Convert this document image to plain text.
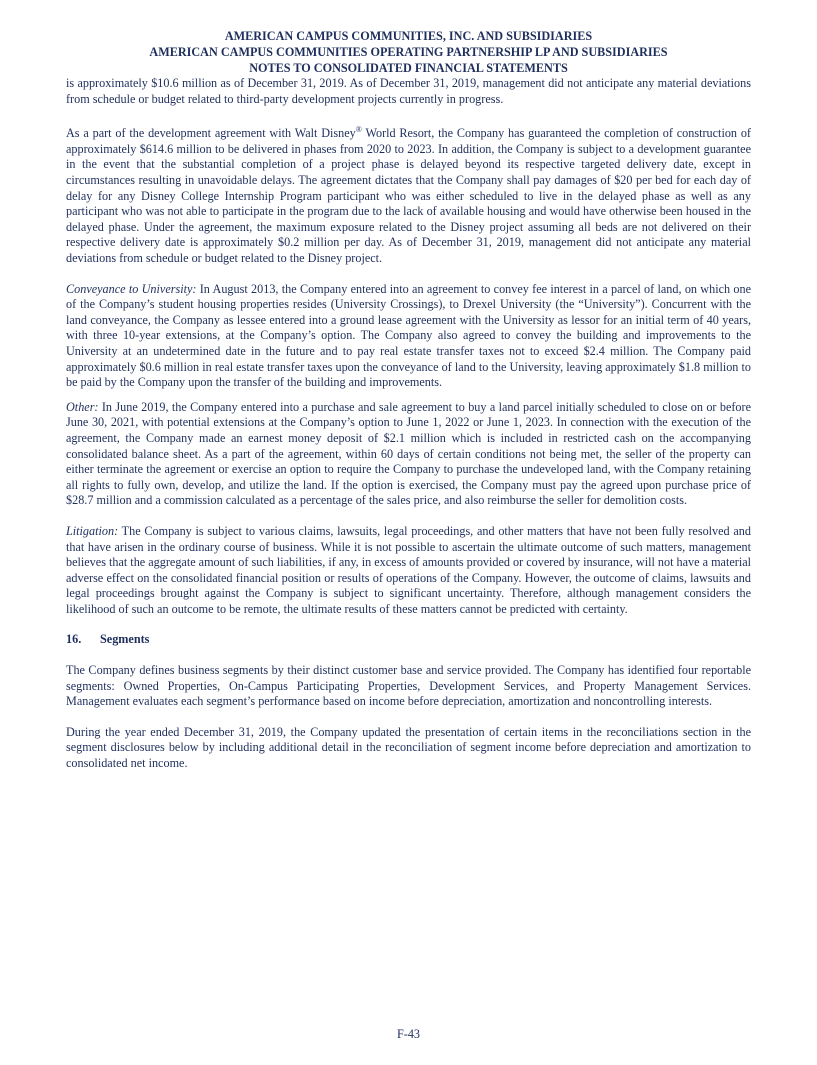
AMERICAN CAMPUS COMMUNITIES, INC. AND SUBSIDIARIES
AMERICAN CAMPUS COMMUNITIES OPERATING PARTNERSHIP LP AND SUBSIDIARIES
NOTES TO CONSOLIDATED FINANCIAL STATEMENTS

is approximately $10.6 million as of December 31, 2019. As of December 31, 2019, management did not anticipate any material deviations from schedule or budget related to third-party development projects currently in progress.

As a part of the development agreement with Walt Disney® World Resort, the Company has guaranteed the completion of construction of approximately $614.6 million to be delivered in phases from 2020 to 2023. In addition, the Company is subject to a development guarantee in the event that the substantial completion of a project phase is delayed beyond its respective targeted delivery date, except in circumstances resulting in unavoidable delays. The agreement dictates that the Company shall pay damages of $20 per bed for each day of delay for any Disney College Internship Program participant who was either scheduled to live in the delayed phase as well as any participant who was not able to participate in the program due to the lack of available housing and would have otherwise been housed in the delayed phase. Under the agreement, the maximum exposure related to the Disney project assuming all beds are not delivered on their respective delivery date is approximately $0.2 million per day. As of December 31, 2019, management did not anticipate any material deviations from schedule or budget related to the Disney project.

Conveyance to University: In August 2013, the Company entered into an agreement to convey fee interest in a parcel of land, on which one of the Company’s student housing properties resides (University Crossings), to Drexel University (the “University”). Concurrent with the land conveyance, the Company as lessee entered into a ground lease agreement with the University as lessor for an initial term of 40 years, with three 10-year extensions, at the Company’s option. The Company also agreed to convey the building and improvements to the University at an undetermined date in the future and to pay real estate transfer taxes not to exceed $2.4 million. The Company paid approximately $0.6 million in real estate transfer taxes upon the conveyance of land to the University, leaving approximately $1.8 million to be paid by the Company upon the transfer of the building and improvements.

Other: In June 2019, the Company entered into a purchase and sale agreement to buy a land parcel initially scheduled to close on or before June 30, 2021, with potential extensions at the Company’s option to June 1, 2022 or June 1, 2023. In connection with the execution of the agreement, the Company made an earnest money deposit of $2.1 million which is included in restricted cash on the accompanying consolidated balance sheet. As a part of the agreement, within 60 days of certain conditions not being met, the seller of the property can either terminate the agreement or exercise an option to require the Company to purchase the undeveloped land, with the Company retaining all rights to fully own, develop, and utilize the land. If the option is exercised, the Company must pay the agreed upon purchase price of $28.7 million and a commission calculated as a percentage of the sales price, and also reimburse the seller for demolition costs.

Litigation: The Company is subject to various claims, lawsuits, legal proceedings, and other matters that have not been fully resolved and that have arisen in the ordinary course of business. While it is not possible to ascertain the ultimate outcome of such matters, management believes that the aggregate amount of such liabilities, if any, in excess of amounts provided or covered by insurance, will not have a material adverse effect on the consolidated financial position or results of operations of the Company. However, the outcome of claims, lawsuits and legal proceedings brought against the Company is subject to significant uncertainty. Therefore, although management considers the likelihood of such an outcome to be remote, the ultimate results of these matters cannot be predicted with certainty.

16. Segments

The Company defines business segments by their distinct customer base and service provided. The Company has identified four reportable segments: Owned Properties, On-Campus Participating Properties, Development Services, and Property Management Services. Management evaluates each segment’s performance based on income before depreciation, amortization and noncontrolling interests.

During the year ended December 31, 2019, the Company updated the presentation of certain items in the reconciliations section in the segment disclosures below by including additional detail in the reconciliation of segment income before depreciation and amortization to consolidated net income.

F-43
